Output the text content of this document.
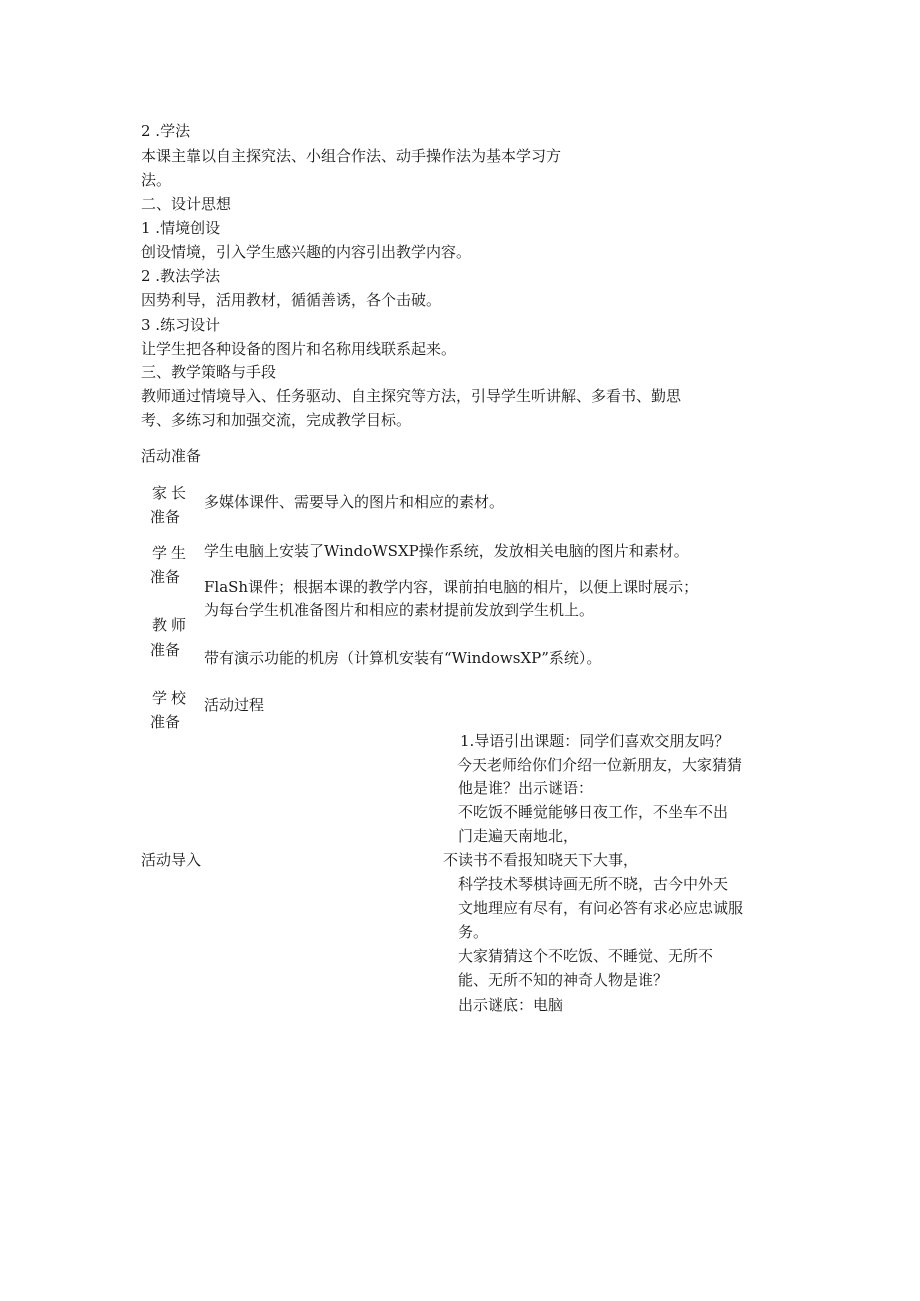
2 .学法
本课主靠以自主探究法、小组合作法、动手操作法为基本学习方
法。
二、设计思想
1 .情境创设
创设情境，引入学生感兴趣的内容引出教学内容。
2 .教法学法
因势利导，活用教材，循循善诱，各个击破。
3 .练习设计
让学生把各种设备的图片和名称用线联系起来。
三、教学策略与手段
教师通过情境导入、任务驱动、自主探究等方法，引导学生听讲解、多看书、勤思
考、多练习和加强交流，完成教学目标。
活动准备
家长
准备
多媒体课件、需要导入的图片和相应的素材。
学生
准备
学生电脑上安装了WindoWSXP操作系统，发放相关电脑的图片和素材。
FlaSh课件；根据本课的教学内容，课前拍电脑的相片，以便上课时展示；
为每台学生机准备图片和相应的素材提前发放到学生机上。
教师
准备 带有演示功能的机房（计算机安装有“WindowsXP”系统）。
学校
准备
活动过程
活动导入
1.导语引出课题：同学们喜欢交朋友吗？
今天老师给你们介绍一位新朋友，大家猜猜
他是谁？出示谜语：
不吃饭不睡觉能够日夜工作，不坐车不出
门走遍天南地北，
不读书不看报知晓天下大事，
科学技术琴棋诗画无所不晓，古今中外天
文地理应有尽有，有问必答有求必应忠诚服
务。
大家猜猜这个不吃饭、不睡觉、无所不
能、无所不知的神奇人物是谁？
出示谜底：电脑
